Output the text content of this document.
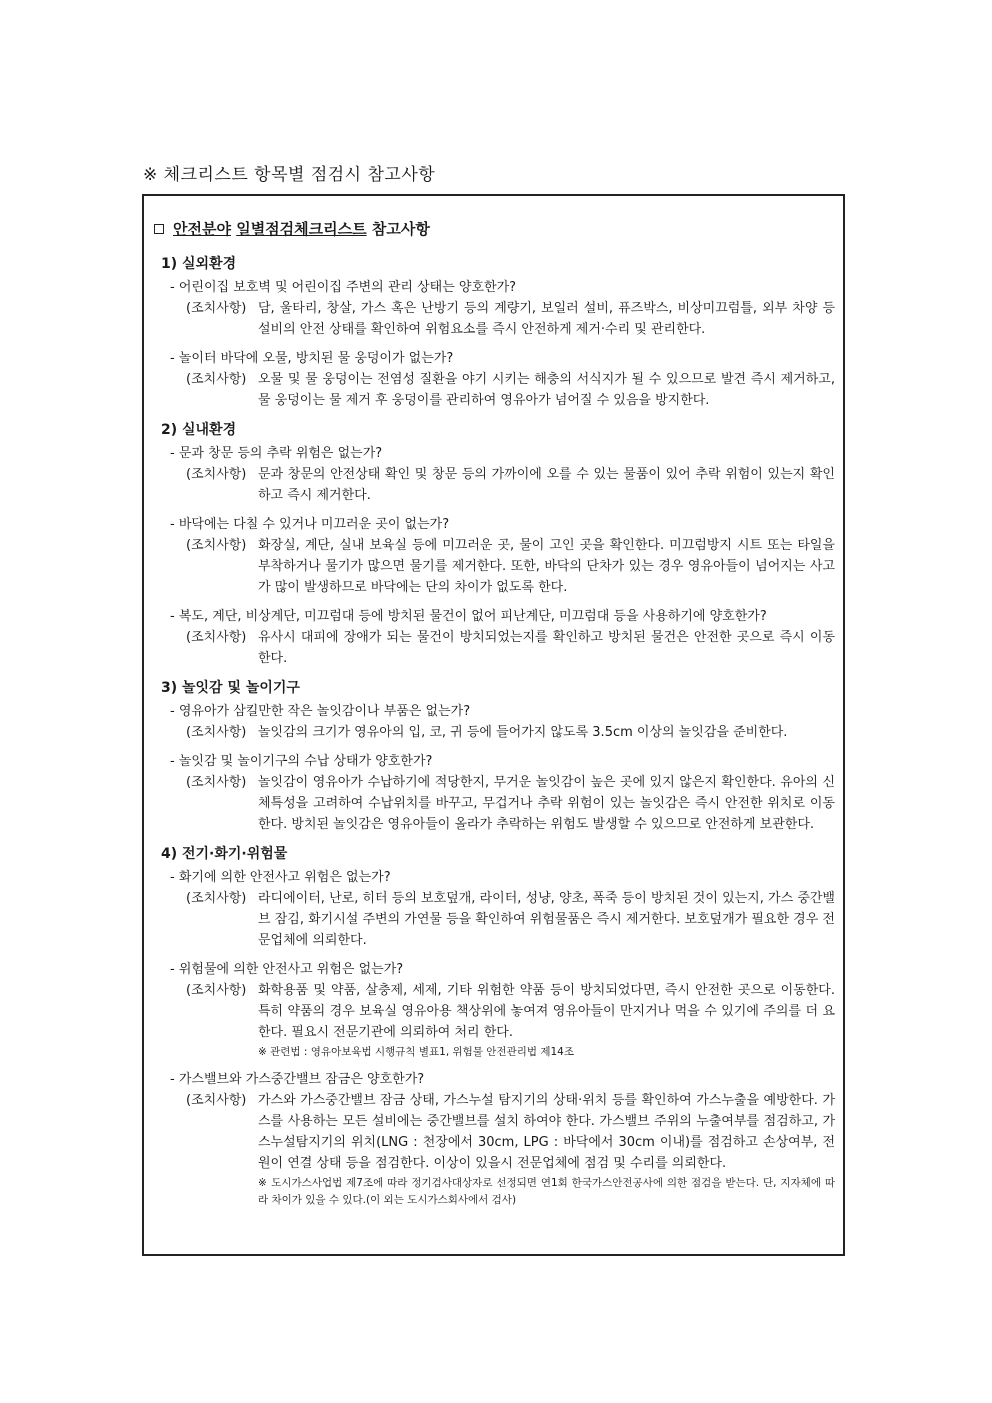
※ 체크리스트 항목별 점검시 참고사항
안전분야
일별점검체크리스트
참고사항
1) 실외환경
- 어린이집 보호벽 및 어린이집 주변의 관리 상태는 양호한가?
(조치사항) 담, 울타리, 창살, 가스 혹은 난방기 등의 계량기, 보일러 설비, 퓨즈박스, 비상미끄럼틀, 외부 차양 등 설비의 안전 상태를 확인하여 위험요소를 즉시 안전하게 제거·수리 및 관리한다.
- 놀이터 바닥에 오물, 방치된 물 웅덩이가 없는가?
(조치사항) 오물 및 물 웅덩이는 전염성 질환을 야기 시키는 해충의 서식지가 될 수 있으므로 발견 즉시 제거하고, 물 웅덩이는 물 제거 후 웅덩이를 관리하여 영유아가 넘어질 수 있음을 방지한다.
2) 실내환경
- 문과 창문 등의 추락 위험은 없는가?
(조치사항) 문과 창문의 안전상태 확인 및 창문 등의 가까이에 오를 수 있는 물품이 있어 추락 위험이 있는지 확인하고 즉시 제거한다.
- 바닥에는 다칠 수 있거나 미끄러운 곳이 없는가?
(조치사항) 화장실, 계단, 실내 보육실 등에 미끄러운 곳, 물이 고인 곳을 확인한다. 미끄럼방지 시트 또는 타일을 부착하거나 물기가 많으면 물기를 제거한다. 또한, 바닥의 단차가 있는 경우 영유아들이 넘어지는 사고가 많이 발생하므로 바닥에는 단의 차이가 없도록 한다.
- 복도, 계단, 비상계단, 미끄럼대 등에 방치된 물건이 없어 피난계단, 미끄럼대 등을 사용하기에 양호한가?
(조치사항) 유사시 대피에 장애가 되는 물건이 방치되었는지를 확인하고 방치된 물건은 안전한 곳으로 즉시 이동한다.
3) 놀잇감 및 놀이기구
- 영유아가 삼킬만한 작은 놀잇감이나 부품은 없는가?
(조치사항) 놀잇감의 크기가 영유아의 입, 코, 귀 등에 들어가지 않도록 3.5cm 이상의 놀잇감을 준비한다.
- 놀잇감 및 놀이기구의 수납 상태가 양호한가?
(조치사항) 놀잇감이 영유아가 수납하기에 적당한지, 무거운 놀잇감이 높은 곳에 있지 않은지 확인한다. 유아의 신체특성을 고려하여 수납위치를 바꾸고, 무겁거나 추락 위험이 있는 놀잇감은 즉시 안전한 위치로 이동한다. 방치된 놀잇감은 영유아들이 올라가 추락하는 위험도 발생할 수 있으므로 안전하게 보관한다.
4) 전기·화기·위험물
- 화기에 의한 안전사고 위험은 없는가?
(조치사항) 라디에이터, 난로, 히터 등의 보호덮개, 라이터, 성냥, 양초, 폭죽 등이 방치된 것이 있는지, 가스 중간밸브 잠김, 화기시설 주변의 가연물 등을 확인하여 위험물품은 즉시 제거한다. 보호덮개가 필요한 경우 전문업체에 의뢰한다.
- 위험물에 의한 안전사고 위험은 없는가?
(조치사항) 화학용품 및 약품, 살충제, 세제, 기타 위험한 약품 등이 방치되었다면, 즉시 안전한 곳으로 이동한다. 특히 약품의 경우 보육실 영유아용 책상위에 놓여져 영유아들이 만지거나 먹을 수 있기에 주의를 더 요한다. 필요시 전문기관에 의뢰하여 처리 한다.
※ 관련법 : 영유아보육법 시행규칙 별표1, 위험물 안전관리법 제14조
- 가스밸브와 가스중간밸브 잠금은 양호한가?
(조치사항) 가스와 가스중간밸브 잠금 상태, 가스누설 탐지기의 상태·위치 등를 확인하여 가스누출을 예방한다. 가스를 사용하는 모든 설비에는 중간밸브를 설치 하여야 한다. 가스밸브 주위의 누출여부를 점검하고, 가스누설탐지기의 위치(LNG : 천장에서 30cm, LPG : 바닥에서 30cm 이내)를 점검하고 손상여부, 전원이 연결 상태 등을 점검한다. 이상이 있을시 전문업체에 점검 및 수리를 의뢰한다.
※ 도시가스사업법 제7조에 따라 정기검사대상자로 선정되면 연1회 한국가스안전공사에 의한 점검을 받는다. 단, 지자체에 따라 차이가 있을 수 있다.(이 외는 도시가스회사에서 검사)
